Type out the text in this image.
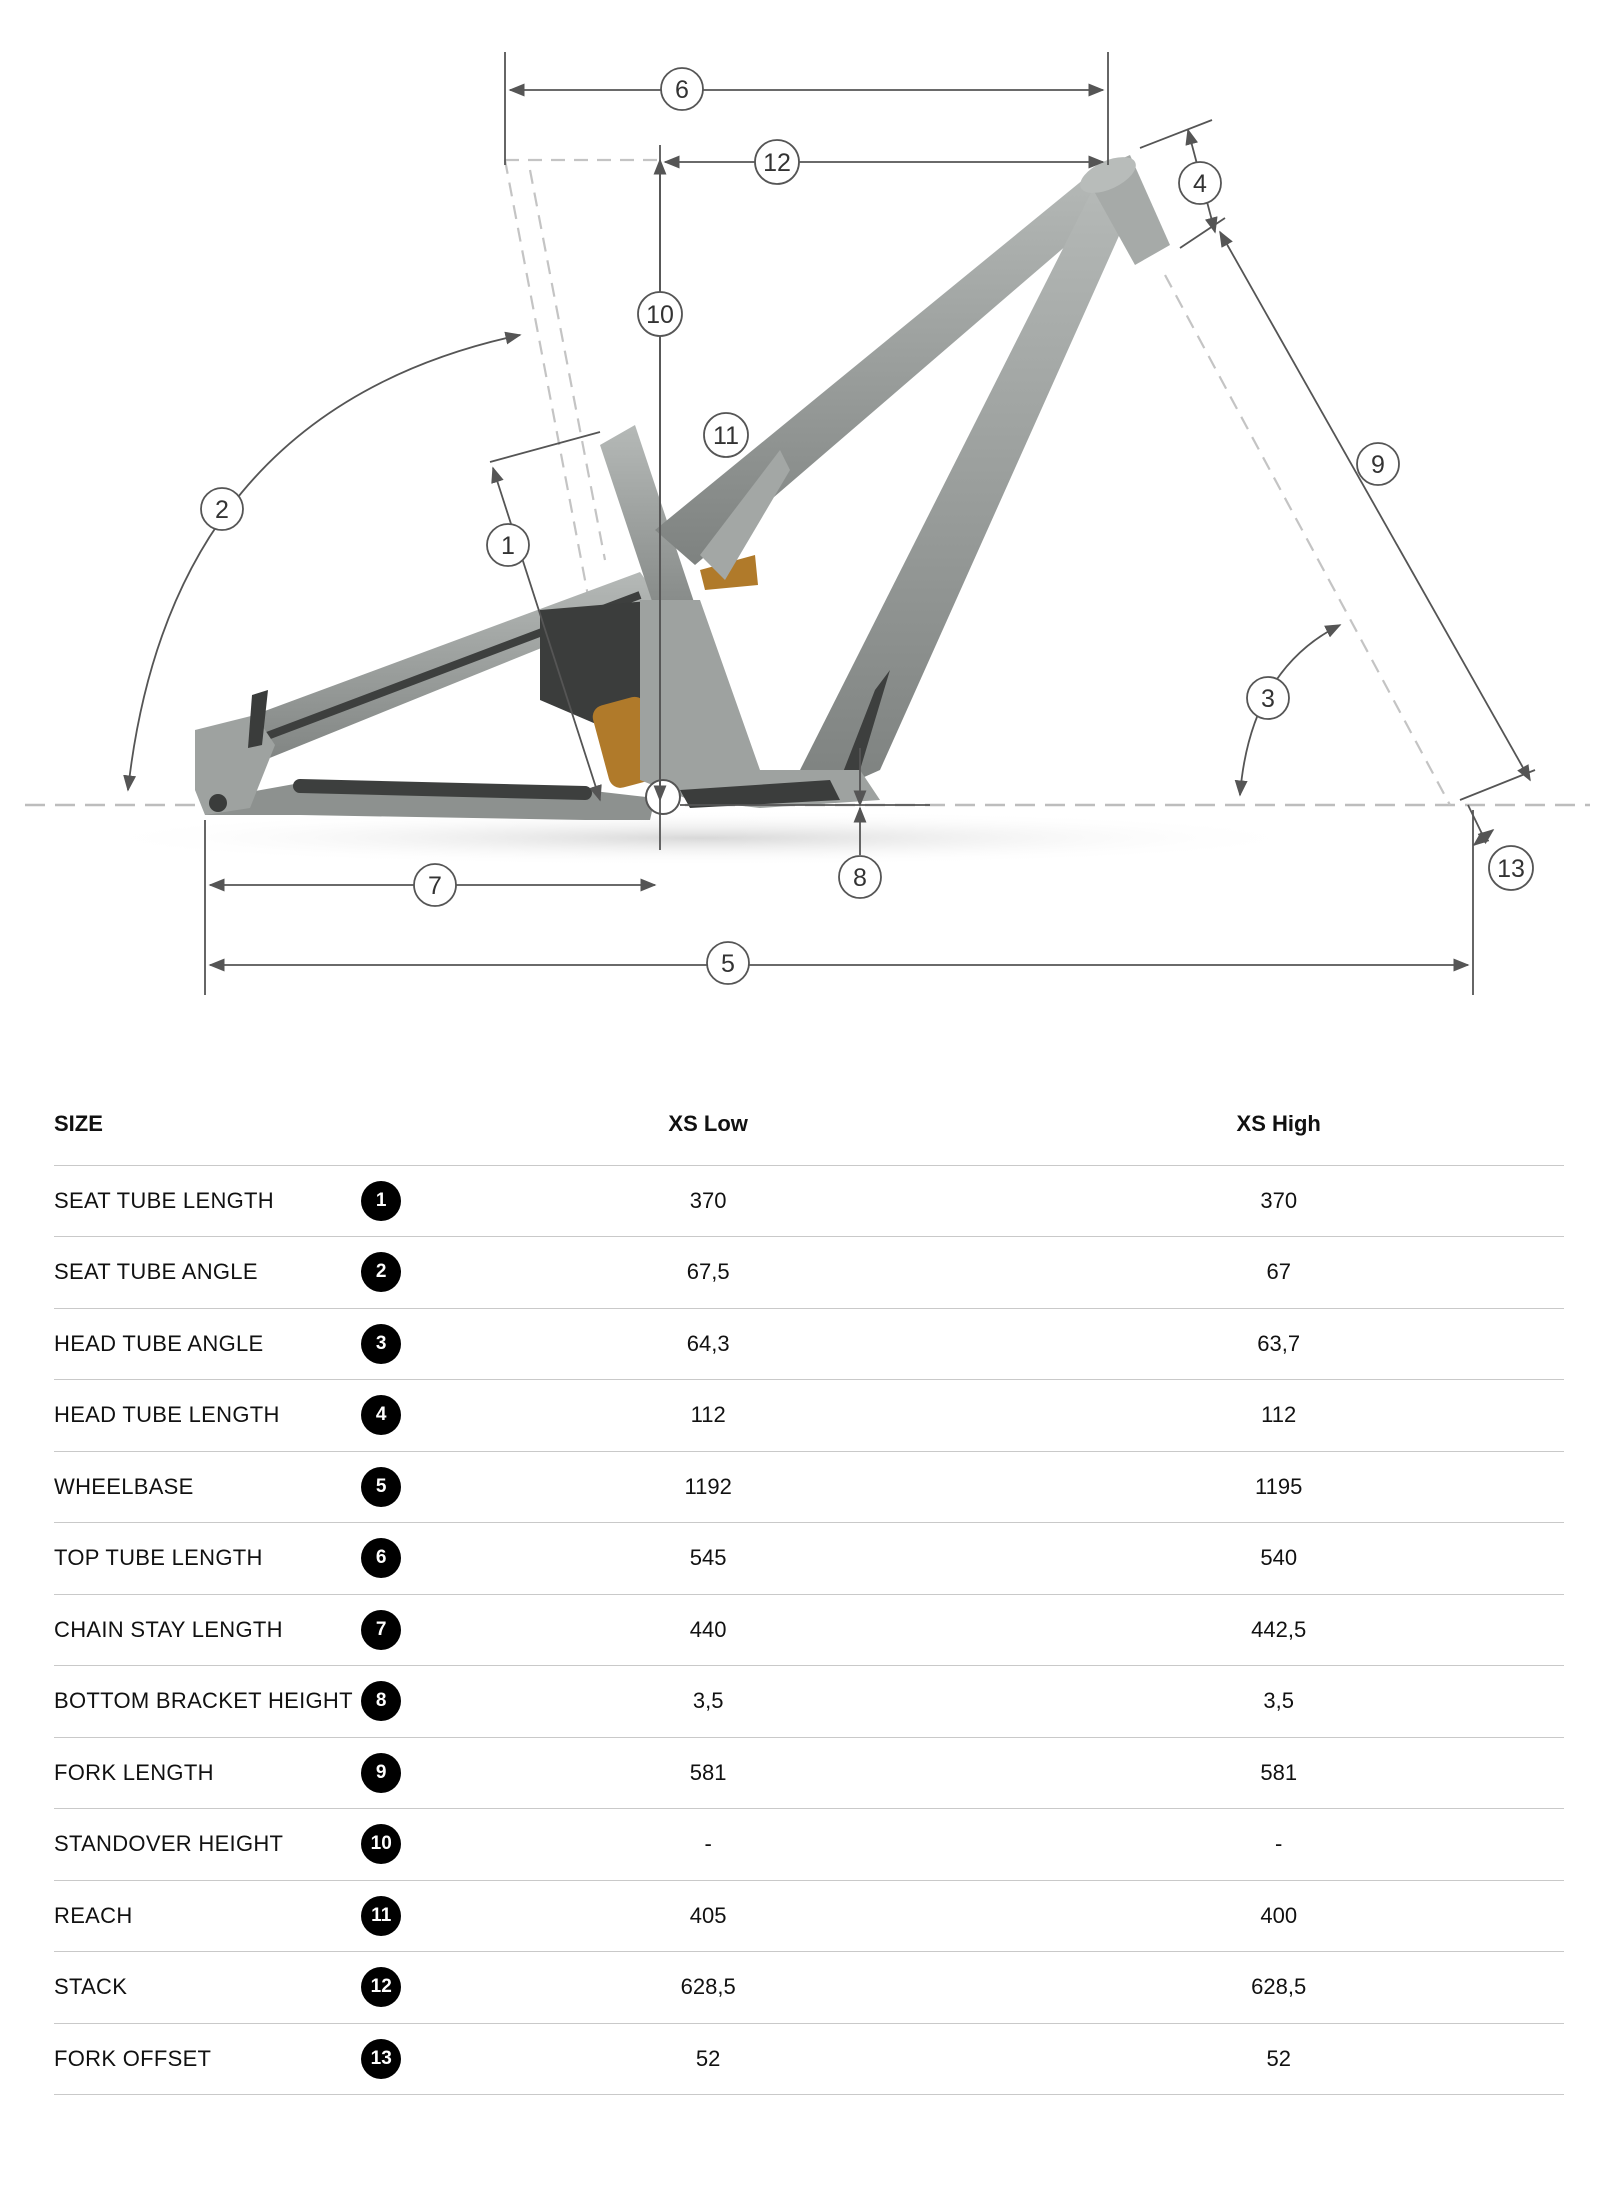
1
2
3
4
5
6
7	8
9
10
11
12
13
SIZE		XS Low	XS High
SEAT TUBE LENGTH	1	370	370
SEAT TUBE ANGLE	2	67,5	67
HEAD TUBE ANGLE	3	64,3	63,7
HEAD TUBE LENGTH	4	112	112
WHEELBASE	5	1192	1195
TOP TUBE LENGTH	6	545	540
CHAIN STAY LENGTH	7	440	442,5
BOTTOM BRACKET HEIGHT	8	3,5	3,5
FORK LENGTH	9	581	581
STANDOVER HEIGHT	10	-	-
REACH	11	405	400
STACK	12	628,5	628,5
FORK OFFSET	13	52	52
